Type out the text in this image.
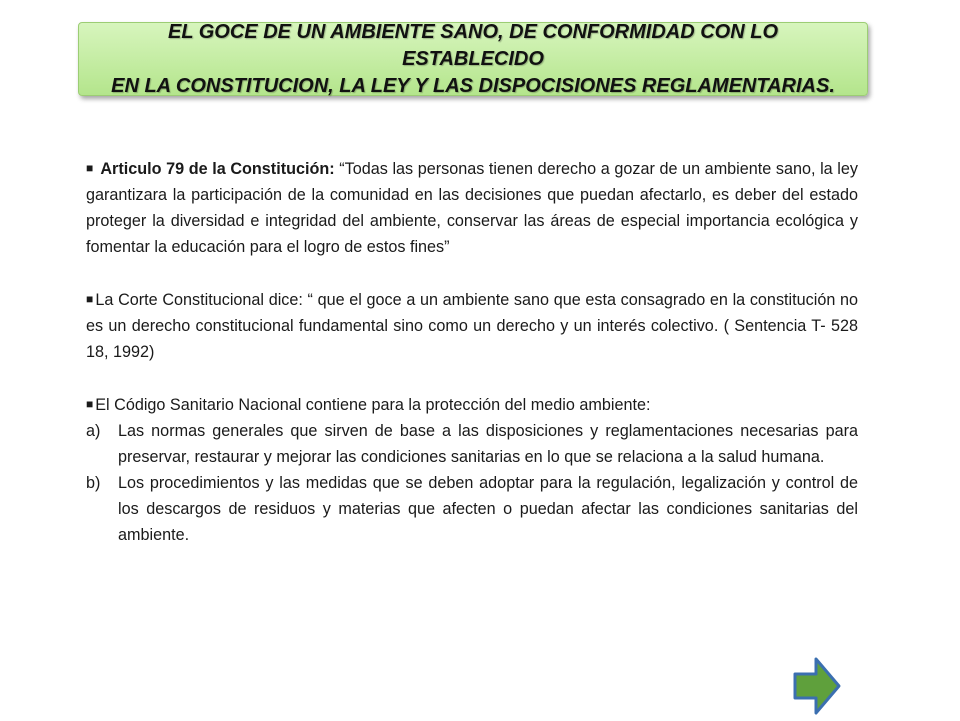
EL GOCE DE UN AMBIENTE SANO, DE CONFORMIDAD CON LO ESTABLECIDO
EN LA CONSTITUCION, LA LEY Y LAS DISPOCISIONES REGLAMENTARIAS.

■ Articulo 79 de la Constitución: “Todas las personas tienen derecho a gozar de un ambiente sano, la ley garantizara la participación de la comunidad en las decisiones que puedan afectarlo, es deber del estado proteger la diversidad e integridad del ambiente, conservar las áreas de especial importancia ecológica y fomentar la educación para el logro de estos fines”

■ La Corte Constitucional dice: “ que el goce a un ambiente sano que esta consagrado en la constitución no es un derecho constitucional fundamental sino como un derecho y un interés colectivo. ( Sentencia T- 528 18, 1992)

■ El Código Sanitario Nacional contiene para la protección del medio ambiente:

a)	Las normas generales que sirven de base a las disposiciones y reglamentaciones necesarias para preservar, restaurar y mejorar las condiciones sanitarias en lo que se relaciona a la salud humana.
b)	Los procedimientos y las medidas que se deben adoptar para la regulación, legalización y control de los descargos de residuos y materias que afecten o puedan afectar las condiciones sanitarias del ambiente.
